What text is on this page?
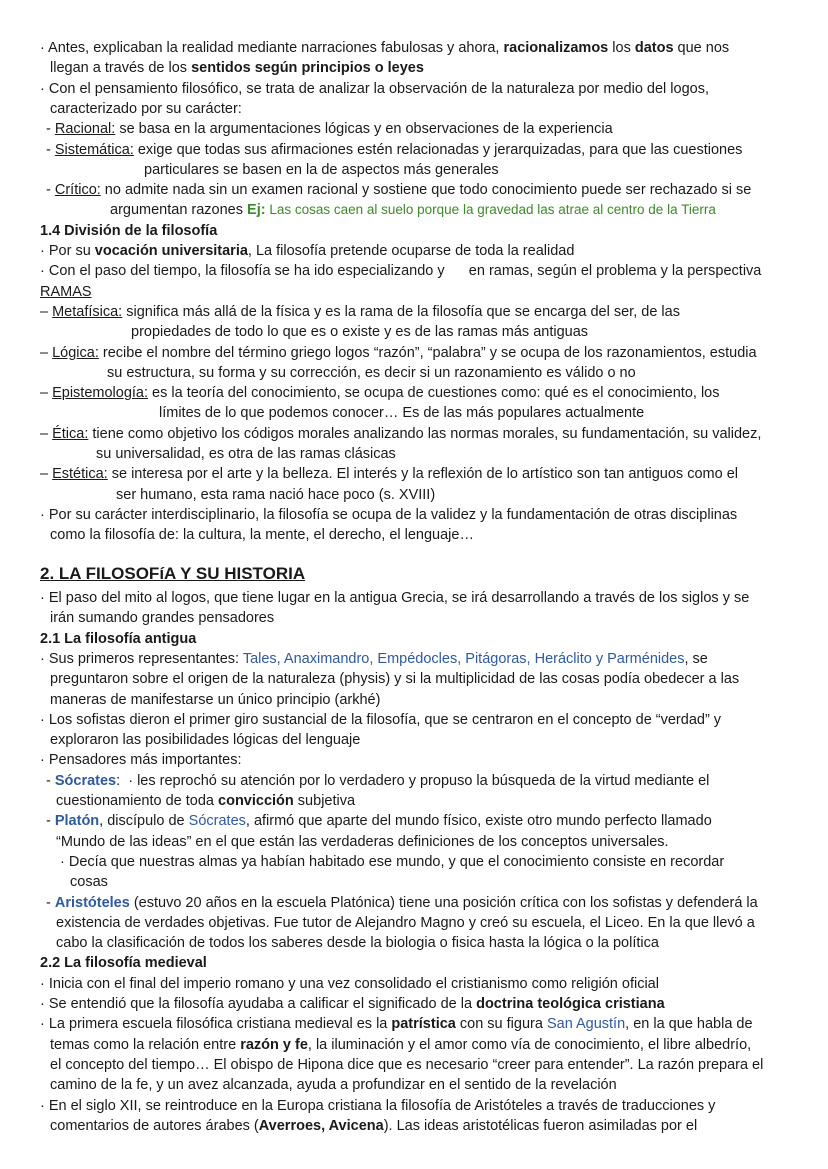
· Antes, explicaban la realidad mediante narraciones fabulosas y ahora, racionalizamos los datos que nos
llegan a través de los sentidos según principios o leyes
· Con el pensamiento filosófico, se trata de analizar la observación de la naturaleza por medio del logos,
caracterizado por su carácter:
- Racional: se basa en la argumentaciones lógicas y en observaciones de la experiencia
- Sistemática: exige que todas sus afirmaciones estén relacionadas y jerarquizadas, para que las cuestiones
particulares se basen en la de aspectos más generales
- Crítico: no admite nada sin un examen racional y sostiene que todo conocimiento puede ser rechazado si se
argumentan razones Ej: Las cosas caen al suelo porque la gravedad las atrae al centro de la Tierra
1.4 División de la filosofía
· Por su vocación universitaria, La filosofía pretende ocuparse de toda la realidad
· Con el paso del tiempo, la filosofía se ha ido especializando y      en ramas, según el problema y la perspectiva
RAMAS
– Metafísica: significa más allá de la física y es la rama de la filosofía que se encarga del ser, de las
propiedades de todo lo que es o existe y es de las ramas más antiguas
– Lógica: recibe el nombre del término griego logos “razón”, “palabra” y se ocupa de los razonamientos, estudia
su estructura, su forma y su corrección, es decir si un razonamiento es válido o no
– Epistemología: es la teoría del conocimiento, se ocupa de cuestiones como: qué es el conocimiento, los
límites de lo que podemos conocer… Es de las más populares actualmente
– Ética: tiene como objetivo los códigos morales analizando las normas morales, su fundamentación, su validez,
su universalidad, es otra de las ramas clásicas
– Estética: se interesa por el arte y la belleza. El interés y la reflexión de lo artístico son tan antiguos como el
ser humano, esta rama nació hace poco (s. XVIII)
· Por su carácter interdisciplinario, la filosofía se ocupa de la validez y la fundamentación de otras disciplinas
como la filosofía de: la cultura, la mente, el derecho, el lenguaje…
2. LA FILOSOFíA Y SU HISTORIA
· El paso del mito al logos, que tiene lugar en la antigua Grecia, se irá desarrollando a través de los siglos y se
irán sumando grandes pensadores
2.1 La filosofía antigua
· Sus primeros representantes: Tales, Anaximandro, Empédocles, Pitágoras, Heráclito y Parménides, se
preguntaron sobre el origen de la naturaleza (physis) y si la multiplicidad de las cosas podía obedecer a las
maneras de manifestarse un único principio (arkhé)
· Los sofistas dieron el primer giro sustancial de la filosofía, que se centraron en el concepto de “verdad” y
exploraron las posibilidades lógicas del lenguaje
· Pensadores más importantes:
- Sócrates:  · les reprochó su atención por lo verdadero y propuso la búsqueda de la virtud mediante el
cuestionamiento de toda convicción subjetiva
- Platón, discípulo de Sócrates, afirmó que aparte del mundo físico, existe otro mundo perfecto llamado
“Mundo de las ideas” en el que están las verdaderas definiciones de los conceptos universales.
· Decía que nuestras almas ya habían habitado ese mundo, y que el conocimiento consiste en recordar
cosas
- Aristóteles (estuvo 20 años en la escuela Platónica) tiene una posición crítica con los sofistas y defenderá la
existencia de verdades objetivas. Fue tutor de Alejandro Magno y creó su escuela, el Liceo. En la que llevó a
cabo la clasificación de todos los saberes desde la biologia o fisica hasta la lógica o la política
2.2 La filosofía medieval
· Inicia con el final del imperio romano y una vez consolidado el cristianismo como religión oficial
· Se entendió que la filosofía ayudaba a calificar el significado de la doctrina teológica cristiana
· La primera escuela filosófica cristiana medieval es la patrística con su figura San Agustín, en la que habla de
temas como la relación entre razón y fe, la iluminación y el amor como vía de conocimiento, el libre albedrío,
el concepto del tiempo… El obispo de Hipona dice que es necesario “creer para entender”. La razón prepara el
camino de la fe, y un avez alcanzada, ayuda a profundizar en el sentido de la revelación
· En el siglo XII, se reintroduce en la Europa cristiana la filosofía de Aristóteles a través de traducciones y
comentarios de autores árabes (Averroes, Avicena). Las ideas aristotélicas fueron asimiladas por el
